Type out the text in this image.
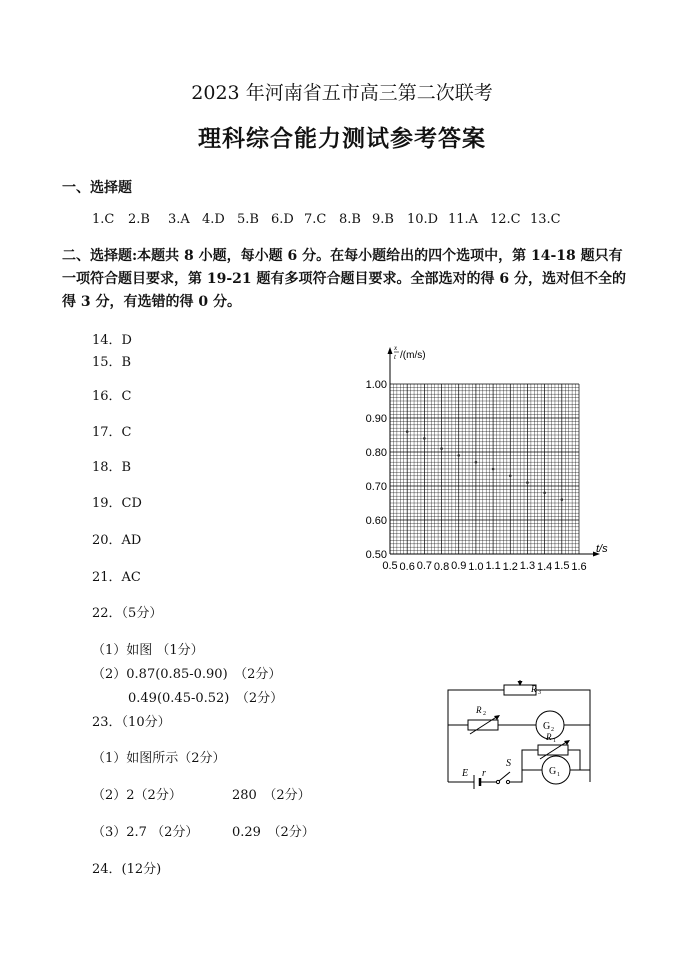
2023 年河南省五市高三第二次联考
理科综合能力测试参考答案
一、选择题
1.C 2.B 3.A 4.D 5.B 6.D 7.C 8.B 9.B 10.D 11.A 12.C 13.C
二、选择题:本题共 8 小题，每小题 6 分。在每小题给出的四个选项中，第 14-18 题只有一项符合题目要求，第 19-21 题有多项符合题目要求。全部选对的得 6 分，选对但不全的得 3 分，有选错的得 0 分。
14．D
15．B
16．C
17．C
18．B
19．CD
20．AD
21．AC
22．（5分）
（1）如图 （1分）
（2）0.87(0.85-0.90)　（2分）
0.49(0.45-0.52)　（2分）
23．（10分）
（1）如图所示（2分）
（2）2（2分）	280　（2分）
（3）2.7 （2分）	0.29　（2分）
24．(12分)
1.00
0.90
0.80
0.70
0.60
0.50
0.5 0.6 0.7 0.8 0.9 1.0 1.1 1.2 1.3 1.4 1.5 1.6
x
t /(m/s)
t/s
R 3
R 2
G 2
R 1
G 1
E r
S
